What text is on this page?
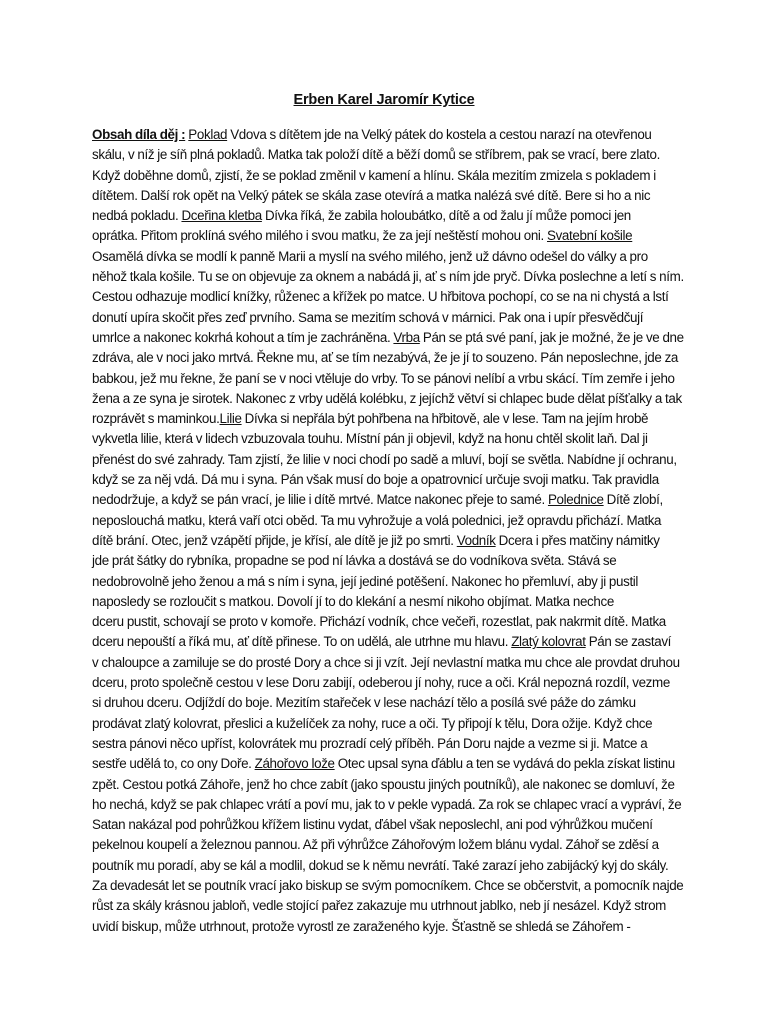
Erben Karel Jaromír Kytice
Obsah díla děj : Poklad Vdova s dítětem jde na Velký pátek do kostela a cestou narazí na otevřenou
skálu, v níž je síň plná pokladů. Matka tak položí dítě a běží domů se stříbrem, pak se vrací, bere zlato.
Když doběhne domů, zjistí, že se poklad změnil v kamení a hlínu. Skála mezitím zmizela s pokladem i
dítětem. Další rok opět na Velký pátek se skála zase otevírá a matka nalézá své dítě. Bere si ho a nic
nedbá pokladu. Dceřina kletba Dívka říká, že zabila holoubátko, dítě a od žalu jí může pomoci jen
oprátka. Přitom proklíná svého milého i svou matku, že za její neštěstí mohou oni. Svatební košile
Osamělá dívka se modlí k panně Marii a myslí na svého milého, jenž už dávno odešel do války a pro
něhož tkala košile. Tu se on objevuje za oknem a nabádá ji, ať s ním jde pryč. Dívka poslechne a letí s ním.
Cestou odhazuje modlicí knížky, růženec a křížek po matce. U hřbitova pochopí, co se na ni chystá a lstí
donutí upíra skočit přes zeď prvního. Sama se mezitím schová v márnici. Pak ona i upír přesvědčují
umrlce a nakonec kokrhá kohout a tím je zachráněna. Vrba Pán se ptá své paní, jak je možné, že je ve dne
zdráva, ale v noci jako mrtvá. Řekne mu, ať se tím nezabývá, že je jí to souzeno. Pán neposlechne, jde za
babkou, jež mu řekne, že paní se v noci vtěluje do vrby. To se pánovi nelíbí a vrbu skácí. Tím zemře i jeho
žena a ze syna je sirotek. Nakonec z vrby udělá kolébku, z jejíchž větví si chlapec bude dělat píšťalky a tak
rozprávět s maminkou.Lilie Dívka si nepřála být pohřbena na hřbitově, ale v lese. Tam na jejím hrobě
vykvetla lilie, která v lidech vzbuzovala touhu. Místní pán ji objevil, když na honu chtěl skolit laň. Dal ji
přenést do své zahrady. Tam zjistí, že lilie v noci chodí po sadě a mluví, bojí se světla. Nabídne jí ochranu,
když se za něj vdá. Dá mu i syna. Pán však musí do boje a opatrovnicí určuje svoji matku. Tak pravidla
nedodržuje, a když se pán vrací, je lilie i dítě mrtvé. Matce nakonec přeje to samé. Polednice Dítě zlobí,
neposlouchá matku, která vaří otci oběd. Ta mu vyhrožuje a volá polednici, jež opravdu přichází. Matka
dítě brání. Otec, jenž vzápětí přijde, je křísí, ale dítě je již po smrti. Vodník Dcera i přes matčiny námitky
jde prát šátky do rybníka, propadne se pod ní lávka a dostává se do vodníkova světa. Stává se
nedobrovolně jeho ženou a má s ním i syna, její jediné potěšení. Nakonec ho přemluví, aby ji pustil
naposledy se rozloučit s matkou. Dovolí jí to do klekání a nesmí nikoho objímat. Matka nechce
dceru pustit, schovají se proto v komoře. Přichází vodník, chce večeři, rozestlat, pak nakrmit dítě. Matka
dceru nepouští a říká mu, ať dítě přinese. To on udělá, ale utrhne mu hlavu. Zlatý kolovrat Pán se zastaví
v chaloupce a zamiluje se do prosté Dory a chce si ji vzít. Její nevlastní matka mu chce ale provdat druhou
dceru, proto společně cestou v lese Doru zabijí, odeberou jí nohy, ruce a oči. Král nepozná rozdíl, vezme
si druhou dceru. Odjíždí do boje. Mezitím stařeček v lese nachází tělo a posílá své páže do zámku
prodávat zlatý kolovrat, přeslici a kuželíček za nohy, ruce a oči. Ty připojí k tělu, Dora ožije. Když chce
sestra pánovi něco upříst, kolovrátek mu prozradí celý příběh. Pán Doru najde a vezme si ji. Matce a
sestře udělá to, co ony Doře. Záhořovo lože Otec upsal syna ďáblu a ten se vydává do pekla získat listinu
zpět. Cestou potká Záhoře, jenž ho chce zabít (jako spoustu jiných poutníků), ale nakonec se domluví, že
ho nechá, když se pak chlapec vrátí a poví mu, jak to v pekle vypadá. Za rok se chlapec vrací a vypráví, že
Satan nakázal pod pohrůžkou křížem listinu vydat, ďábel však neposlechl, ani pod výhrůžkou mučení
pekelnou koupelí a železnou pannou. Až při výhrůžce Záhořovým ložem blánu vydal. Záhoř se zděsí a
poutník mu poradí, aby se kál a modlil, dokud se k němu nevrátí. Také zarazí jeho zabijácký kyj do skály.
Za devadesát let se poutník vrací jako biskup se svým pomocníkem. Chce se občerstvit, a pomocník najde
růst za skály krásnou jabloň, vedle stojící pařez zakazuje mu utrhnout jablko, neb jí nesázel. Když strom
uvidí biskup, může utrhnout, protože vyrostl ze zaraženého kyje. Šťastně se shledá se Záhořem -
